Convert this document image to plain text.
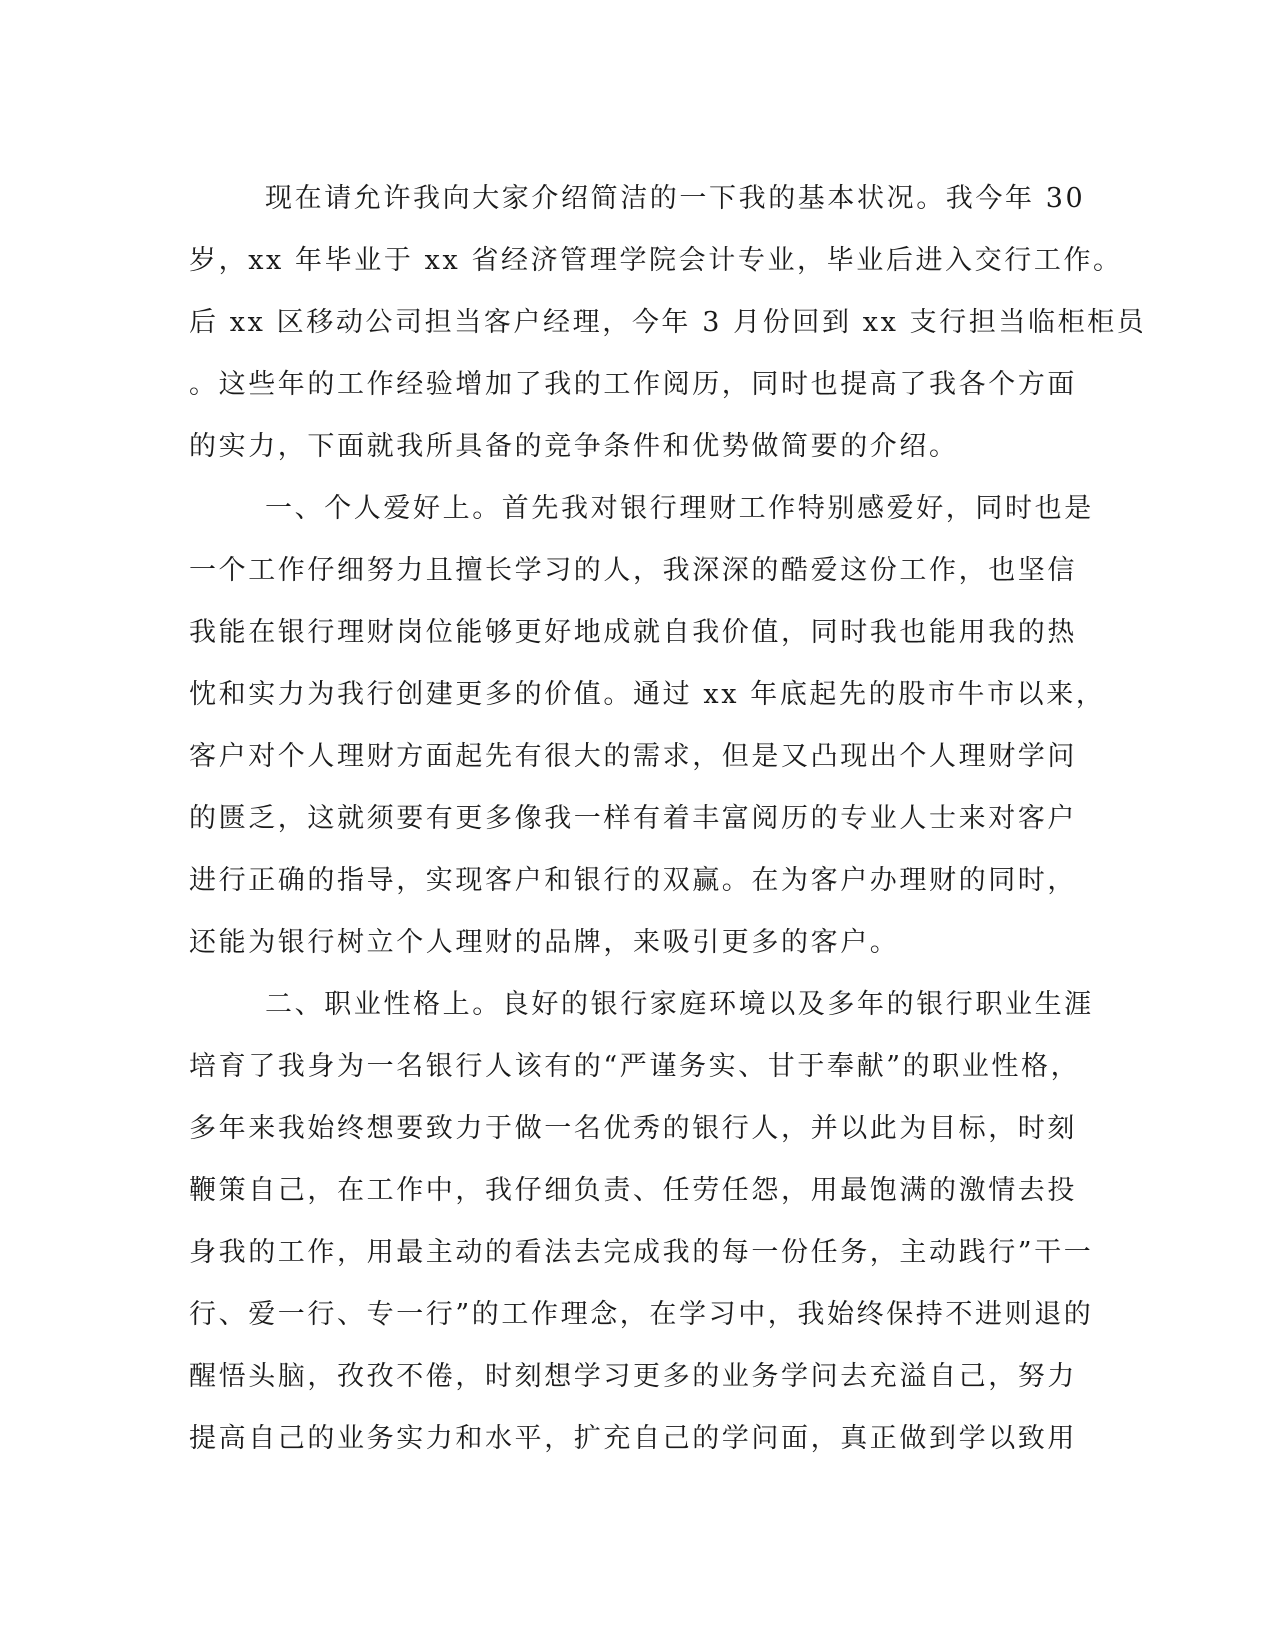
现在请允许我向大家介绍简洁的一下我的基本状况。我今年 30
岁，xx 年毕业于 xx 省经济管理学院会计专业，毕业后进入交行工作。
后 xx 区移动公司担当客户经理，今年 3 月份回到 xx 支行担当临柜柜员
。这些年的工作经验增加了我的工作阅历，同时也提高了我各个方面
的实力，下面就我所具备的竞争条件和优势做简要的介绍。
一、个人爱好上。首先我对银行理财工作特别感爱好，同时也是
一个工作仔细努力且擅长学习的人，我深深的酷爱这份工作，也坚信
我能在银行理财岗位能够更好地成就自我价值，同时我也能用我的热
忱和实力为我行创建更多的价值。通过 xx 年底起先的股市牛市以来，
客户对个人理财方面起先有很大的需求，但是又凸现出个人理财学问
的匮乏，这就须要有更多像我一样有着丰富阅历的专业人士来对客户
进行正确的指导，实现客户和银行的双赢。在为客户办理财的同时，
还能为银行树立个人理财的品牌，来吸引更多的客户。
二、职业性格上。良好的银行家庭环境以及多年的银行职业生涯
培育了我身为一名银行人该有的“严谨务实、甘于奉献”的职业性格，
多年来我始终想要致力于做一名优秀的银行人，并以此为目标，时刻
鞭策自己，在工作中，我仔细负责、任劳任怨，用最饱满的激情去投
身我的工作，用最主动的看法去完成我的每一份任务，主动践行”干一
行、爱一行、专一行”的工作理念，在学习中，我始终保持不进则退的
醒悟头脑，孜孜不倦，时刻想学习更多的业务学问去充溢自己，努力
提高自己的业务实力和水平，扩充自己的学问面，真正做到学以致用
